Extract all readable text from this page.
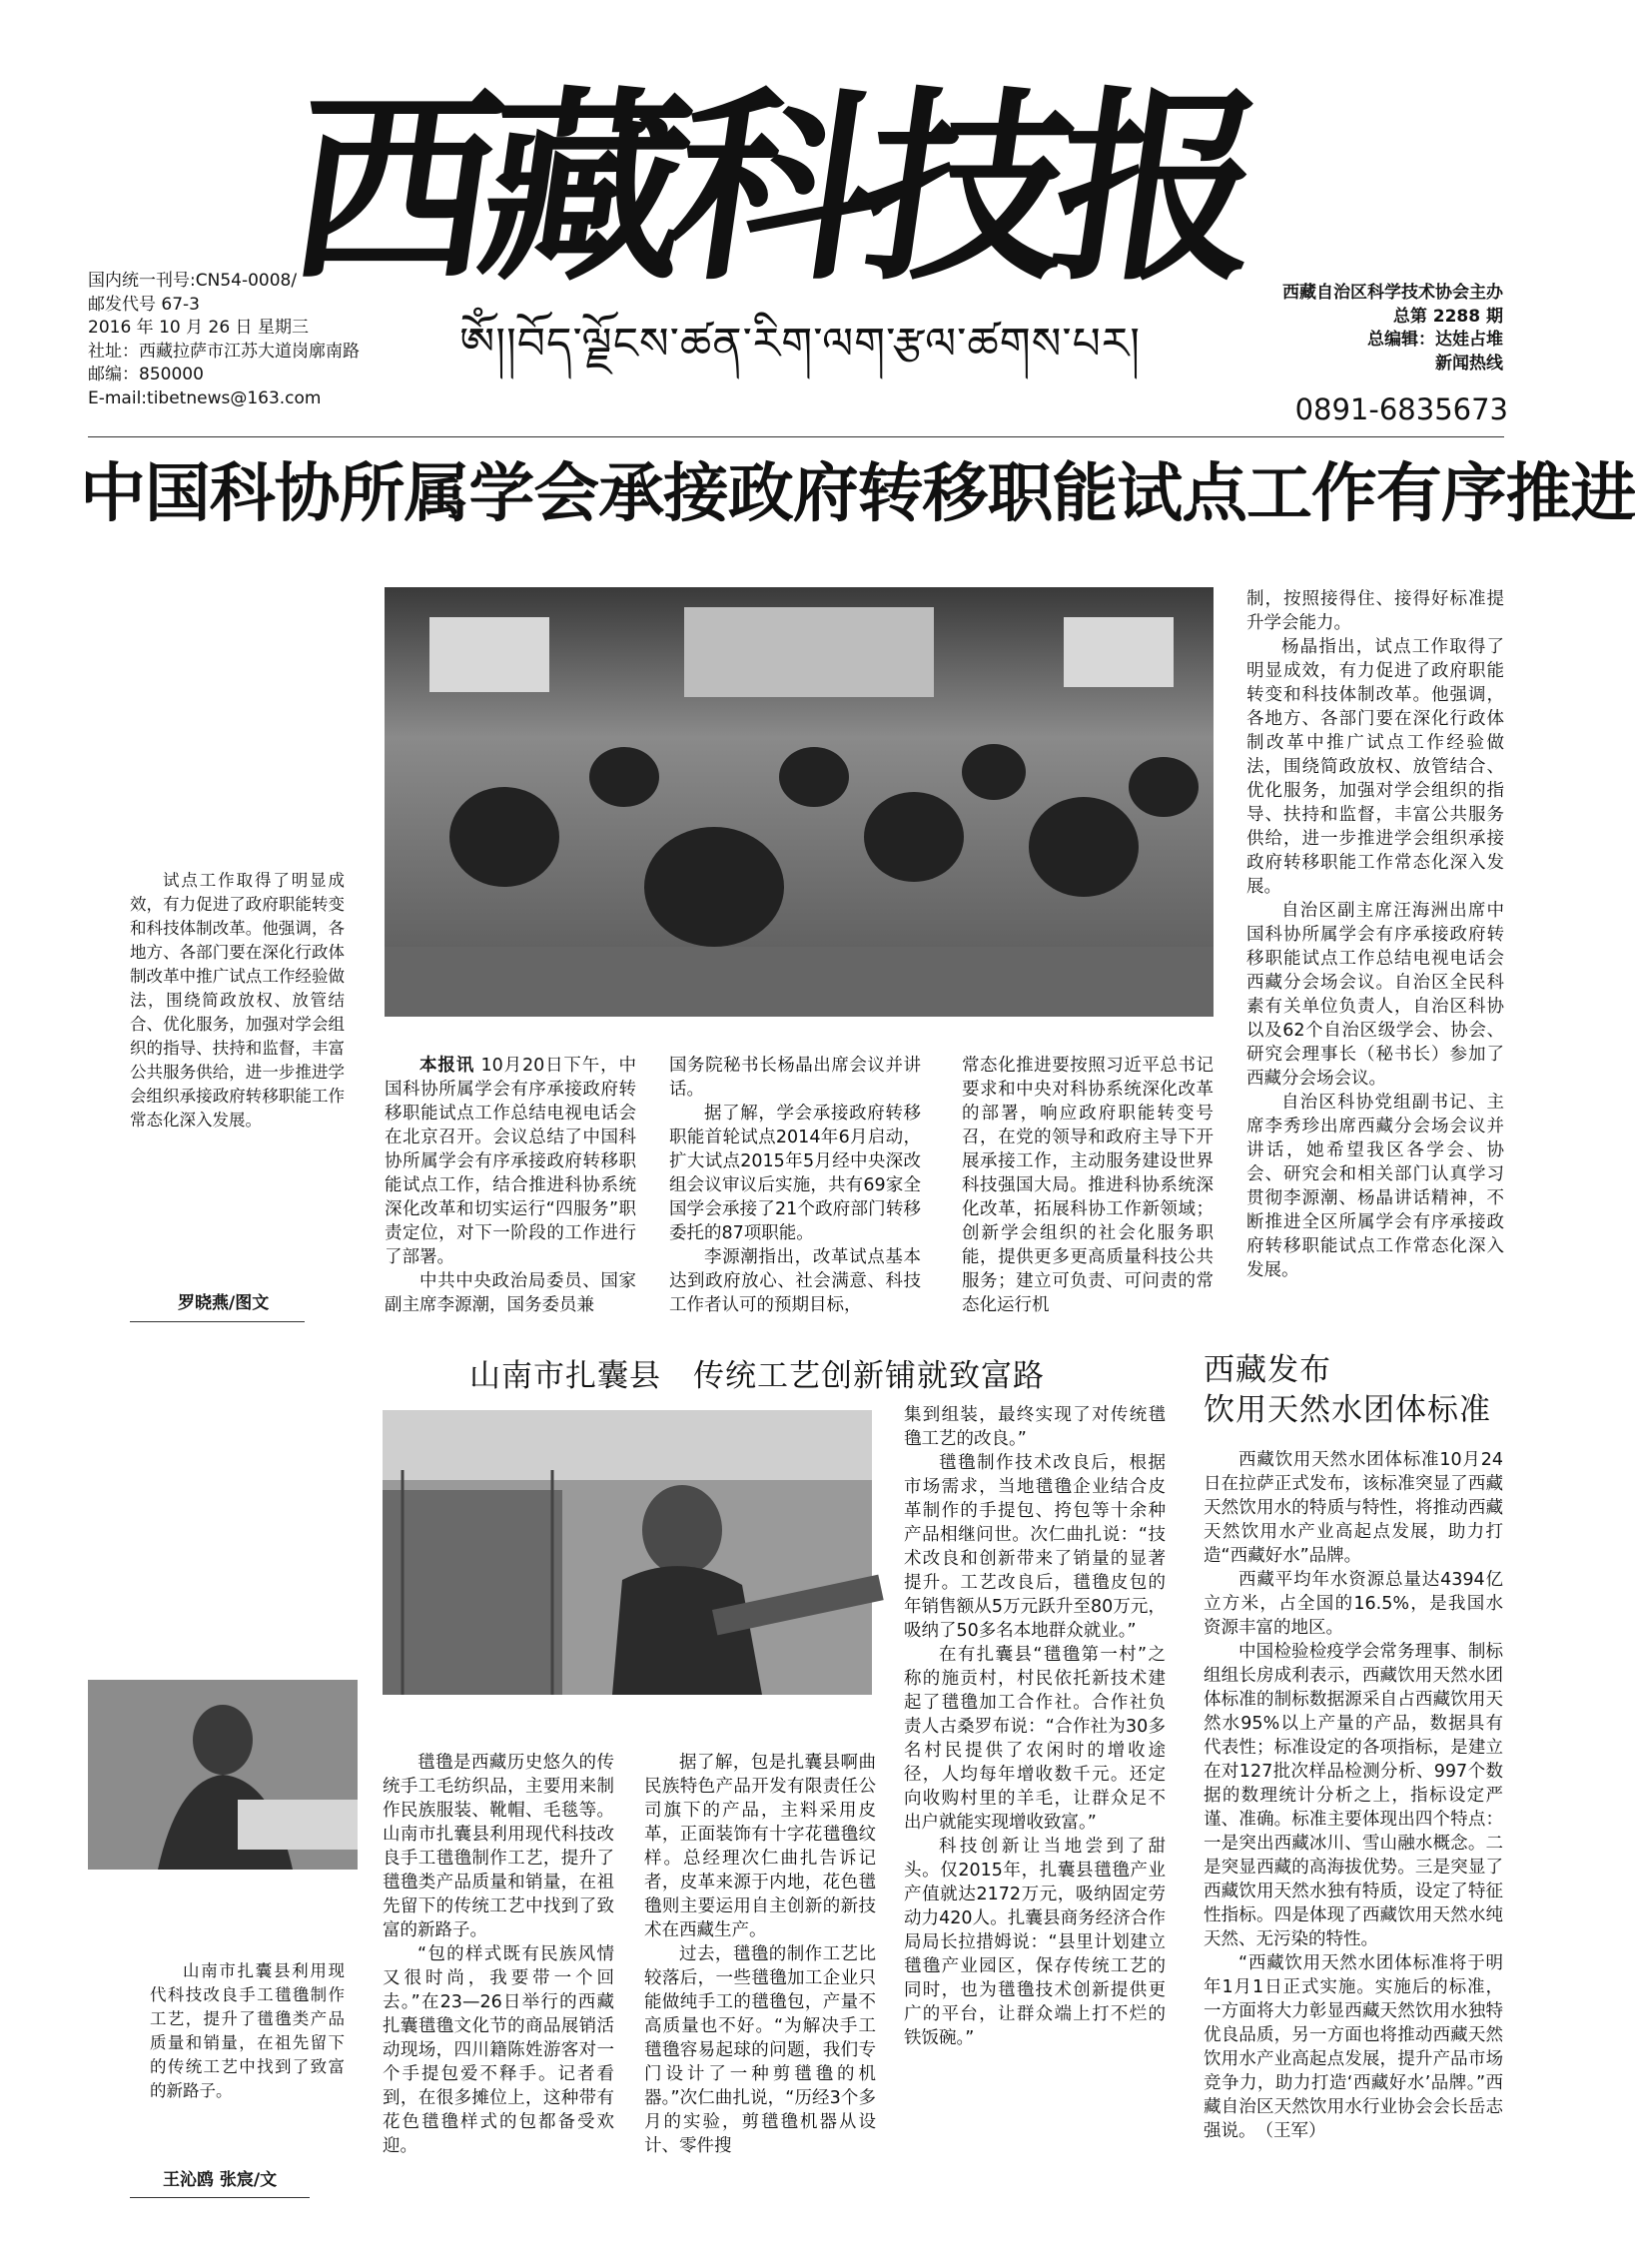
西藏科技报
ༀ།།བོད་ལྗོངས་ཚན་རིག་ལག་རྩལ་ཚགས་པར།
国内统一刊号:CN54-0008/
邮发代号 67-3
2016 年 10 月 26 日 星期三
社址：西藏拉萨市江苏大道岗廓南路
邮编：850000
E-mail:tibetnews@163.com
西藏自治区科学技术协会主办
总第 2288 期
总编辑：达娃占堆
新闻热线
0891-6835673
中国科协所属学会承接政府转移职能试点工作有序推进

试点工作取得了明显成效，有力促进了政府职能转变和科技体制改革。他强调，各地方、各部门要在深化行政体制改革中推广试点工作经验做法，围绕简政放权、放管结合、优化服务，加强对学会组织的指导、扶持和监督，丰富公共服务供给，进一步推进学会组织承接政府转移职能工作常态化深入发展。

罗晓燕/图文

本报讯 10月20日下午，中国科协所属学会有序承接政府转移职能试点工作总结电视电话会在北京召开。会议总结了中国科协所属学会有序承接政府转移职能试点工作，结合推进科协系统深化改革和切实运行“四服务”职责定位，对下一阶段的工作进行了部署。

中共中央政治局委员、国家副主席李源潮，国务委员兼

国务院秘书长杨晶出席会议并讲话。

据了解，学会承接政府转移职能首轮试点2014年6月启动，扩大试点2015年5月经中央深改组会议审议后实施，共有69家全国学会承接了21个政府部门转移委托的87项职能。

李源潮指出，改革试点基本达到政府放心、社会满意、科技工作者认可的预期目标，

常态化推进要按照习近平总书记要求和中央对科协系统深化改革的部署，响应政府职能转变号召，在党的领导和政府主导下开展承接工作，主动服务建设世界科技强国大局。推进科协系统深化改革，拓展科协工作新领域；创新学会组织的社会化服务职能，提供更多更高质量科技公共服务；建立可负责、可问责的常态化运行机

制，按照接得住、接得好标准提升学会能力。

杨晶指出，试点工作取得了明显成效，有力促进了政府职能转变和科技体制改革。他强调，各地方、各部门要在深化行政体制改革中推广试点工作经验做法，围绕简政放权、放管结合、优化服务，加强对学会组织的指导、扶持和监督，丰富公共服务供给，进一步推进学会组织承接政府转移职能工作常态化深入发展。

自治区副主席汪海洲出席中国科协所属学会有序承接政府转移职能试点工作总结电视电话会西藏分会场会议。自治区全民科素有关单位负责人，自治区科协以及62个自治区级学会、协会、研究会理事长（秘书长）参加了西藏分会场会议。

自治区科协党组副书记、主席李秀珍出席西藏分会场会议并讲话，她希望我区各学会、协会、研究会和相关部门认真学习贯彻李源潮、杨晶讲话精神，不断推进全区所属学会有序承接政府转移职能试点工作常态化深入发展。

山南市扎囊县　传统工艺创新铺就致富路

山南市扎囊县利用现代科技改良手工氆氇制作工艺，提升了氆氇类产品质量和销量，在祖先留下的传统工艺中找到了致富的新路子。

王沁鸥 张宸/文

集到组装，最终实现了对传统氆氇工艺的改良。”

氆氇制作技术改良后，根据市场需求，当地氆氇企业结合皮革制作的手提包、挎包等十余种产品相继问世。次仁曲扎说：“技术改良和创新带来了销量的显著提升。工艺改良后，氆氇皮包的年销售额从5万元跃升至80万元，吸纳了50多名本地群众就业。”

在有扎囊县“氆氇第一村”之称的施贡村，村民依托新技术建起了氆氇加工合作社。合作社负责人古桑罗布说：“合作社为30多名村民提供了农闲时的增收途径，人均每年增收数千元。还定向收购村里的羊毛，让群众足不出户就能实现增收致富。”

科技创新让当地尝到了甜头。仅2015年，扎囊县氆氇产业产值就达2172万元，吸纳固定劳动力420人。扎囊县商务经济合作局局长拉措姆说：“县里计划建立氆氇产业园区，保存传统工艺的同时，也为氆氇技术创新提供更广的平台，让群众端上打不烂的铁饭碗。”

氆氇是西藏历史悠久的传统手工毛纺织品，主要用来制作民族服装、靴帽、毛毯等。山南市扎囊县利用现代科技改良手工氆氇制作工艺，提升了氆氇类产品质量和销量，在祖先留下的传统工艺中找到了致富的新路子。

“包的样式既有民族风情又很时尚，我要带一个回去。”在23—26日举行的西藏扎囊氆氇文化节的商品展销活动现场，四川籍陈姓游客对一个手提包爱不释手。记者看到，在很多摊位上，这种带有花色氆氇样式的包都备受欢迎。

据了解，包是扎囊县啊曲民族特色产品开发有限责任公司旗下的产品，主料采用皮革，正面装饰有十字花氆氇纹样。总经理次仁曲扎告诉记者，皮革来源于内地，花色氆氇则主要运用自主创新的新技术在西藏生产。

过去，氆氇的制作工艺比较落后，一些氆氇加工企业只能做纯手工的氆氇包，产量不高质量也不好。“为解决手工氆氇容易起球的问题，我们专门设计了一种剪氆氇的机器。”次仁曲扎说，“历经3个多月的实验，剪氆氇机器从设计、零件搜

西藏发布
饮用天然水团体标准

西藏饮用天然水团体标准10月24日在拉萨正式发布，该标准突显了西藏天然饮用水的特质与特性，将推动西藏天然饮用水产业高起点发展，助力打造“西藏好水”品牌。

西藏平均年水资源总量达4394亿立方米，占全国的16.5%，是我国水资源丰富的地区。

中国检验检疫学会常务理事、制标组组长房成利表示，西藏饮用天然水团体标准的制标数据源采自占西藏饮用天然水95%以上产量的产品，数据具有代表性；标准设定的各项指标，是建立在对127批次样品检测分析、997个数据的数理统计分析之上，指标设定严谨、准确。标准主要体现出四个特点：一是突出西藏冰川、雪山融水概念。二是突显西藏的高海拔优势。三是突显了西藏饮用天然水独有特质，设定了特征性指标。四是体现了西藏饮用天然水纯天然、无污染的特性。

“西藏饮用天然水团体标准将于明年1月1日正式实施。实施后的标准，一方面将大力彰显西藏天然饮用水独特优良品质，另一方面也将推动西藏天然饮用水产业高起点发展，提升产品市场竞争力，助力打造‘西藏好水’品牌。”西藏自治区天然饮用水行业协会会长岳志强说。　（王军）
